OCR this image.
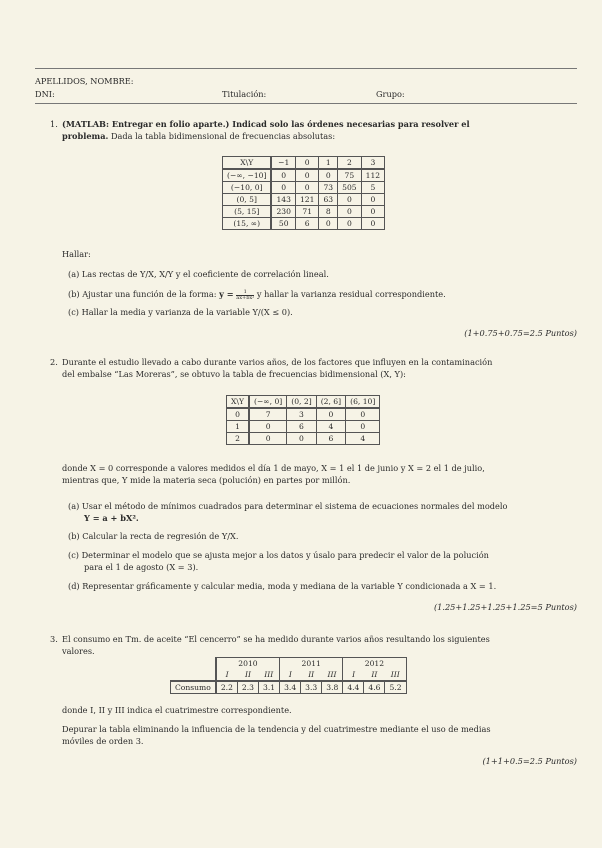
APELLIDOS, NOMBRE:
DNI:	Titulación:	Grupo:
1. (MATLAB: Entregar en folio aparte.) Indicad solo las órdenes necesarias para resolver el
problema. Dada la tabla bidimensional de frecuencias absolutas:
X\Y	−1	0	1	2	3
(−∞, −10]	0	0	0	75	112
(−10, 0]	0	0	73	505	5
(0, 5]	143	121	63	0	0
(5, 15]	230	71	8	0	0
(15, ∞)	50	6	0	0	0
Hallar:
(a) Las rectas de Y/X, X/Y y el coeficiente de correlación lineal.
(b) Ajustar una función de la forma: $y = \frac{1}{\text{ax+bx²}}$ y hallar la varianza residual correspondiente.
(c) Hallar la media y varianza de la variable Y/(X ≤ 0).
(1+0.75+0.75=2.5 Puntos)
2. Durante el estudio llevado a cabo durante varios años, de los factores que influyen en la contaminación
del embalse “Las Moreras”, se obtuvo la tabla de frecuencias bidimensional (X, Y):
X\Y	(−∞, 0]	(0, 2]	(2, 6]	(6, 10]
0	7	3	0	0
1	0	6	4	0
2	0	0	6	4
donde X = 0 corresponde a valores medidos el día 1 de mayo, X = 1 el 1 de junio y X = 2 el 1 de julio,
mientras que, Y mide la materia seca (polución) en partes por millón.
(a) Usar el método de mínimos cuadrados para determinar el sistema de ecuaciones normales del modelo
Y = a + bX².
(b) Calcular la recta de regresión de Y/X.
(c) Determinar el modelo que se ajusta mejor a los datos y úsalo para predecir el valor de la polución
para el 1 de agosto (X = 3).
(d) Representar gráficamente y calcular media, moda y mediana de la variable Y condicionada a X = 1.
(1.25+1.25+1.25+1.25=5 Puntos)
3. El consumo en Tm. de aceite “El cencerro” se ha medido durante varios años resultando los siguientes
valores.
	2010			2011			2012		
	I	II	III	I	II	III	I	II	III
Consumo	2.2	2.3	3.1	3.4	3.3	3.8	4.4	4.6	5.2
donde I, II y III indica el cuatrimestre correspondiente.
Depurar la tabla eliminando la influencia de la tendencia y del cuatrimestre mediante el uso de medias
móviles de orden 3.
(1+1+0.5=2.5 Puntos)
